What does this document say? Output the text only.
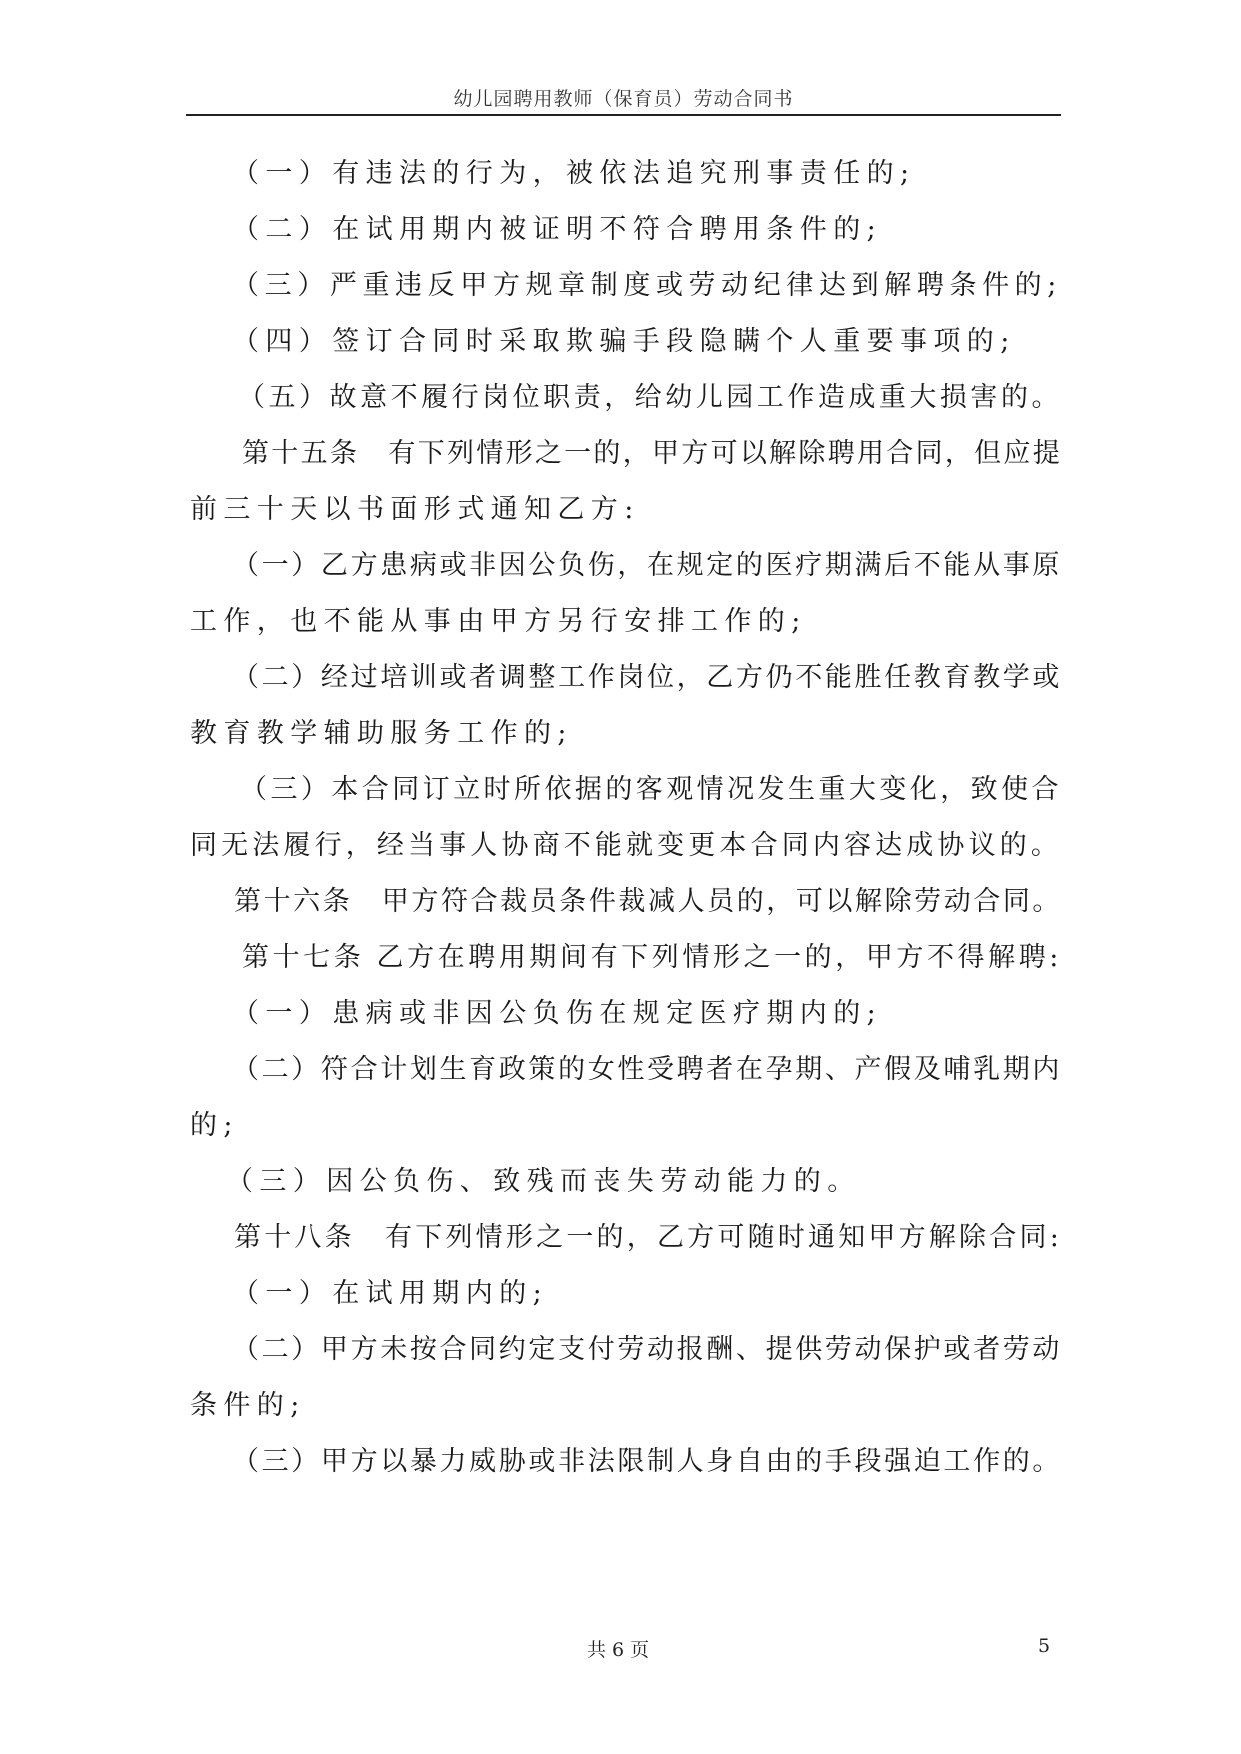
幼儿园聘用教师（保育员）劳动合同书
（一）有违法的行为，被依法追究刑事责任的;
（二）在试用期内被证明不符合聘用条件的;
（三）严重违反甲方规章制度或劳动纪律达到解聘条件的;
（四）签订合同时采取欺骗手段隐瞒个人重要事项的;
（五）故意不履行岗位职责，给幼儿园工作造成重大损害的。
第十五条　有下列情形之一的，甲方可以解除聘用合同，但应提
前三十天以书面形式通知乙方:
（一）乙方患病或非因公负伤，在规定的医疗期满后不能从事原
工作，也不能从事由甲方另行安排工作的;
（二）经过培训或者调整工作岗位，乙方仍不能胜任教育教学或
教育教学辅助服务工作的;
（三）本合同订立时所依据的客观情况发生重大变化，致使合
同无法履行，经当事人协商不能就变更本合同内容达成协议的。
第十六条　甲方符合裁员条件裁减人员的，可以解除劳动合同。
第十七条 乙方在聘用期间有下列情形之一的，甲方不得解聘:
（一）患病或非因公负伤在规定医疗期内的;
（二）符合计划生育政策的女性受聘者在孕期、产假及哺乳期内
的;
（三）因公负伤、致残而丧失劳动能力的。
第十八条　有下列情形之一的，乙方可随时通知甲方解除合同:
（一）在试用期内的;
（二）甲方未按合同约定支付劳动报酬、提供劳动保护或者劳动
条件的;
（三）甲方以暴力威胁或非法限制人身自由的手段强迫工作的。
共 6 页	5
